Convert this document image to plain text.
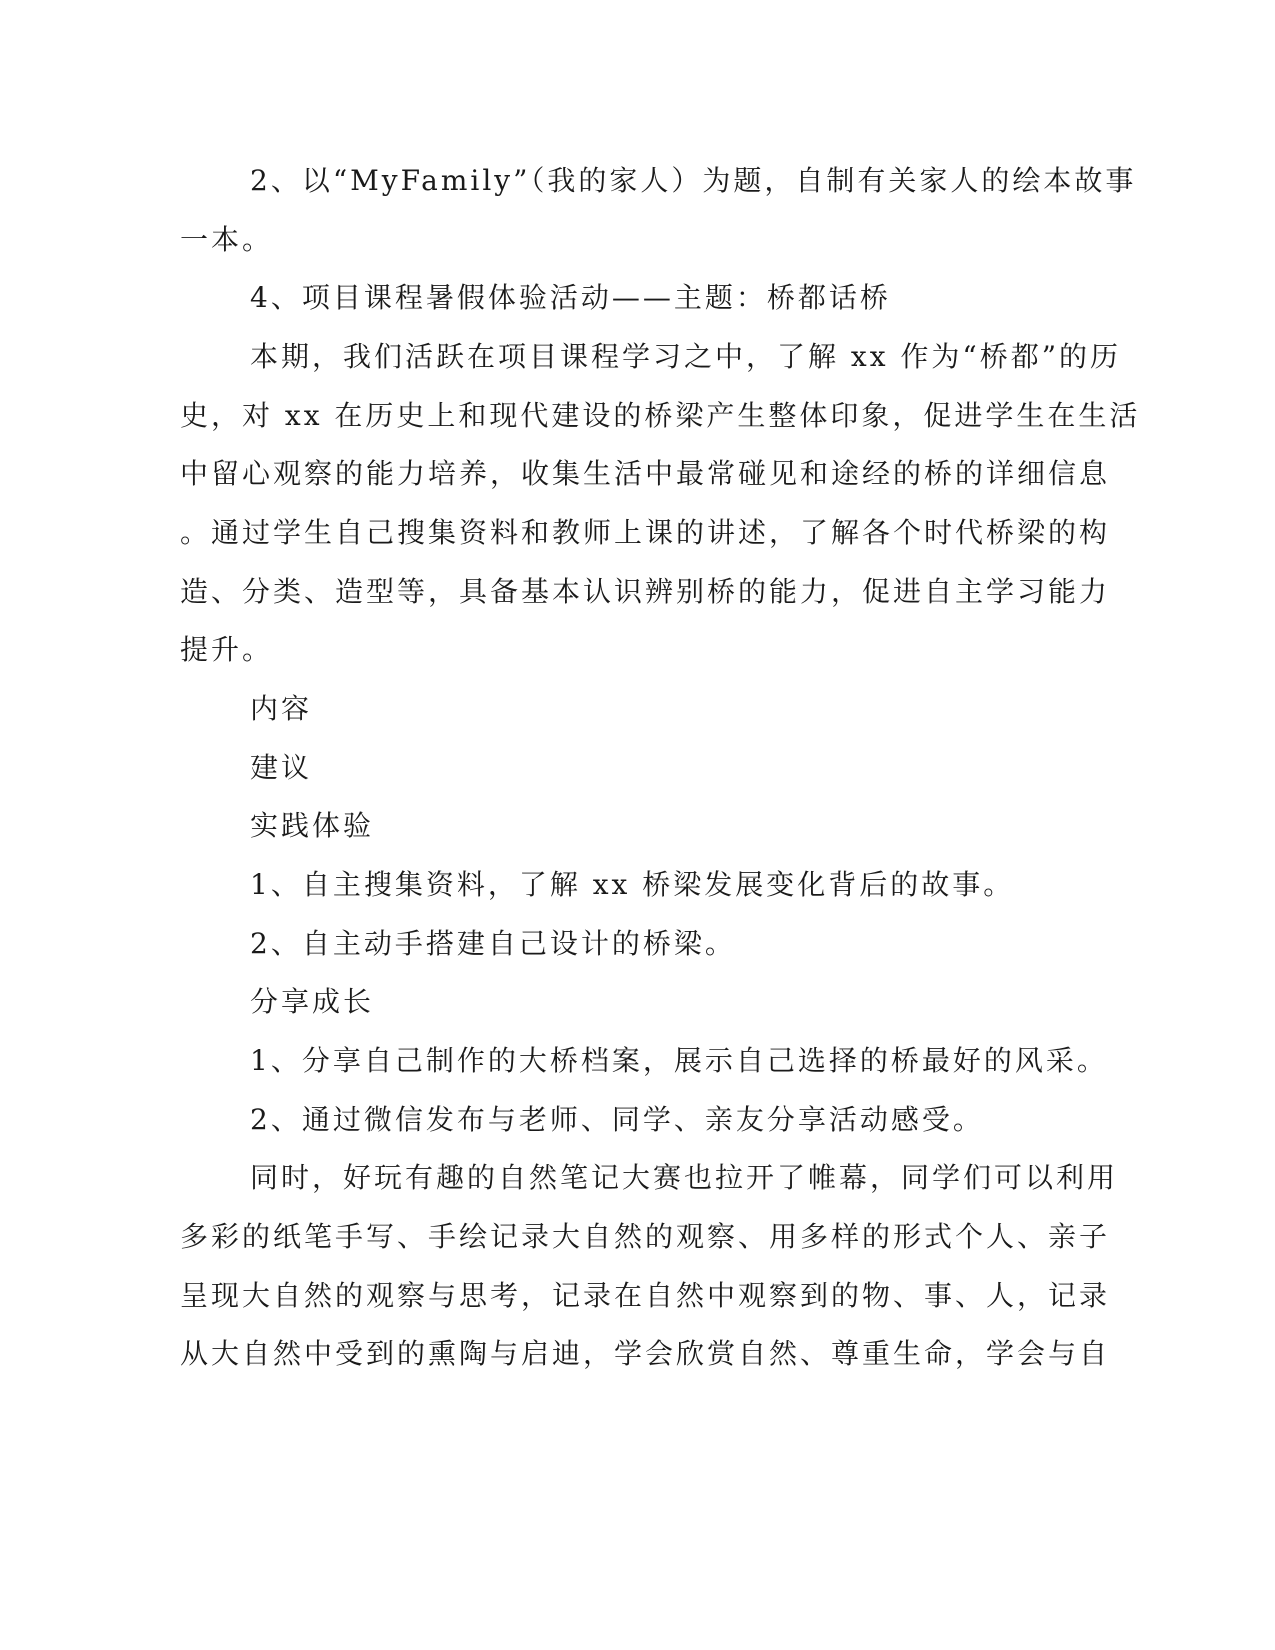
2、以“MyFamily”（我的家人）为题，自制有关家人的绘本故事
一本。
4、项目课程暑假体验活动——主题：桥都话桥
本期，我们活跃在项目课程学习之中，了解 xx 作为“桥都”的历
史，对 xx 在历史上和现代建设的桥梁产生整体印象，促进学生在生活
中留心观察的能力培养，收集生活中最常碰见和途经的桥的详细信息
。通过学生自己搜集资料和教师上课的讲述，了解各个时代桥梁的构
造、分类、造型等，具备基本认识辨别桥的能力，促进自主学习能力
提升。
内容
建议
实践体验
1、自主搜集资料，了解 xx 桥梁发展变化背后的故事。
2、自主动手搭建自己设计的桥梁。
分享成长
1、分享自己制作的大桥档案，展示自己选择的桥最好的风采。
2、通过微信发布与老师、同学、亲友分享活动感受。
同时，好玩有趣的自然笔记大赛也拉开了帷幕，同学们可以利用
多彩的纸笔手写、手绘记录大自然的观察、用多样的形式个人、亲子
呈现大自然的观察与思考，记录在自然中观察到的物、事、人，记录
从大自然中受到的熏陶与启迪，学会欣赏自然、尊重生命，学会与自
